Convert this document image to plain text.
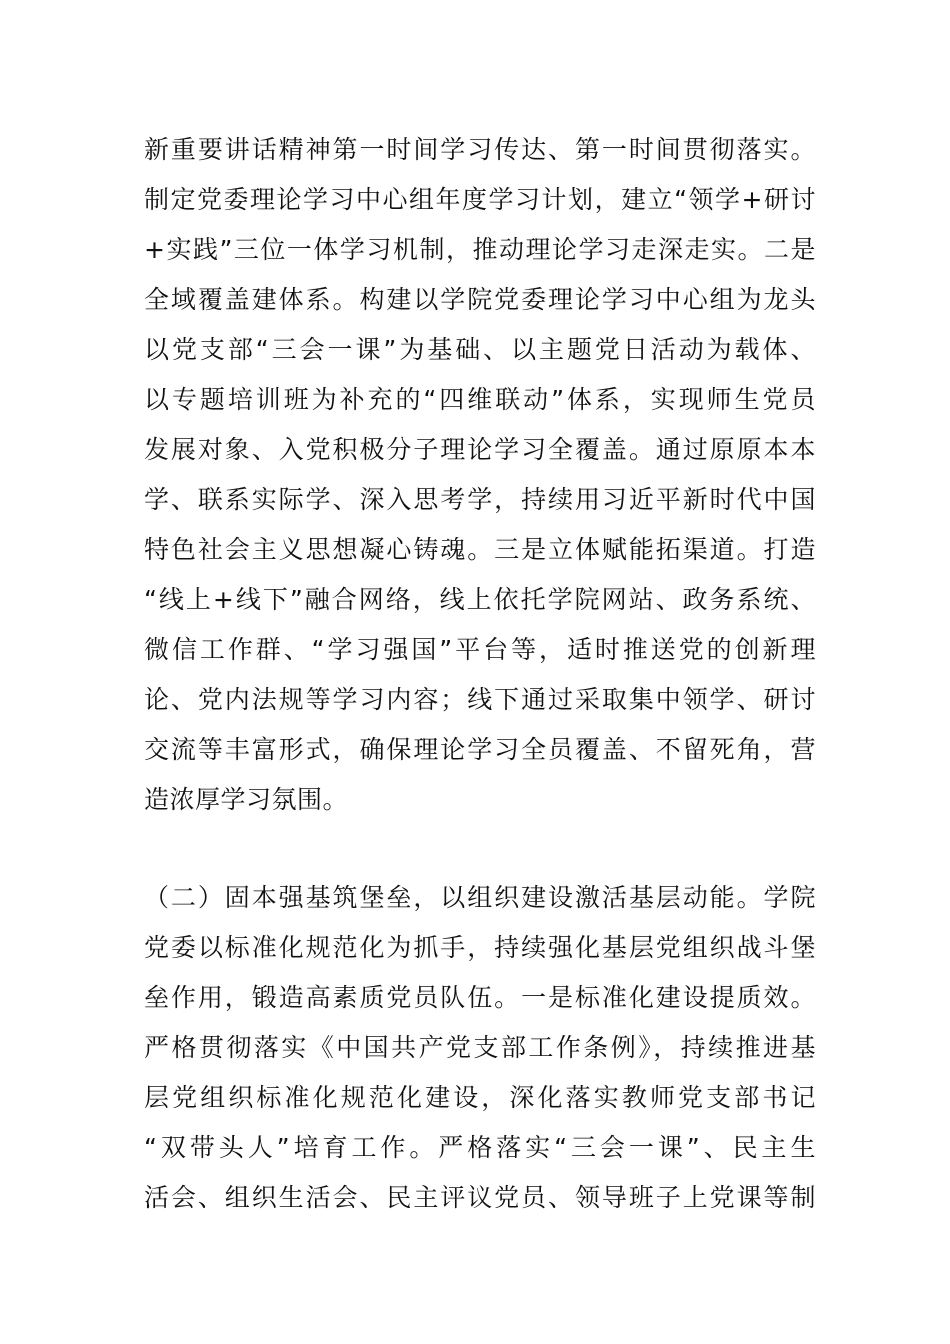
新重要讲话精神第一时间学习传达、第一时间贯彻落实。
制定党委理论学习中心组年度学习计划，建立“领学+研讨
+实践”三位一体学习机制，推动理论学习走深走实。二是
全域覆盖建体系。构建以学院党委理论学习中心组为龙头
以党支部“三会一课”为基础、以主题党日活动为载体、
以专题培训班为补充的“四维联动”体系，实现师生党员
发展对象、入党积极分子理论学习全覆盖。通过原原本本
学、联系实际学、深入思考学，持续用习近平新时代中国
特色社会主义思想凝心铸魂。三是立体赋能拓渠道。打造
“线上+线下”融合网络，线上依托学院网站、政务系统、
微信工作群、“学习强国”平台等，适时推送党的创新理
论、党内法规等学习内容；线下通过采取集中领学、研讨
交流等丰富形式，确保理论学习全员覆盖、不留死角，营
造浓厚学习氛围。
（二）固本强基筑堡垒，以组织建设激活基层动能。学院
党委以标准化规范化为抓手，持续强化基层党组织战斗堡
垒作用，锻造高素质党员队伍。一是标准化建设提质效。
严格贯彻落实《中国共产党支部工作条例》，持续推进基
层党组织标准化规范化建设，深化落实教师党支部书记
“双带头人”培育工作。严格落实“三会一课”、民主生
活会、组织生活会、民主评议党员、领导班子上党课等制
